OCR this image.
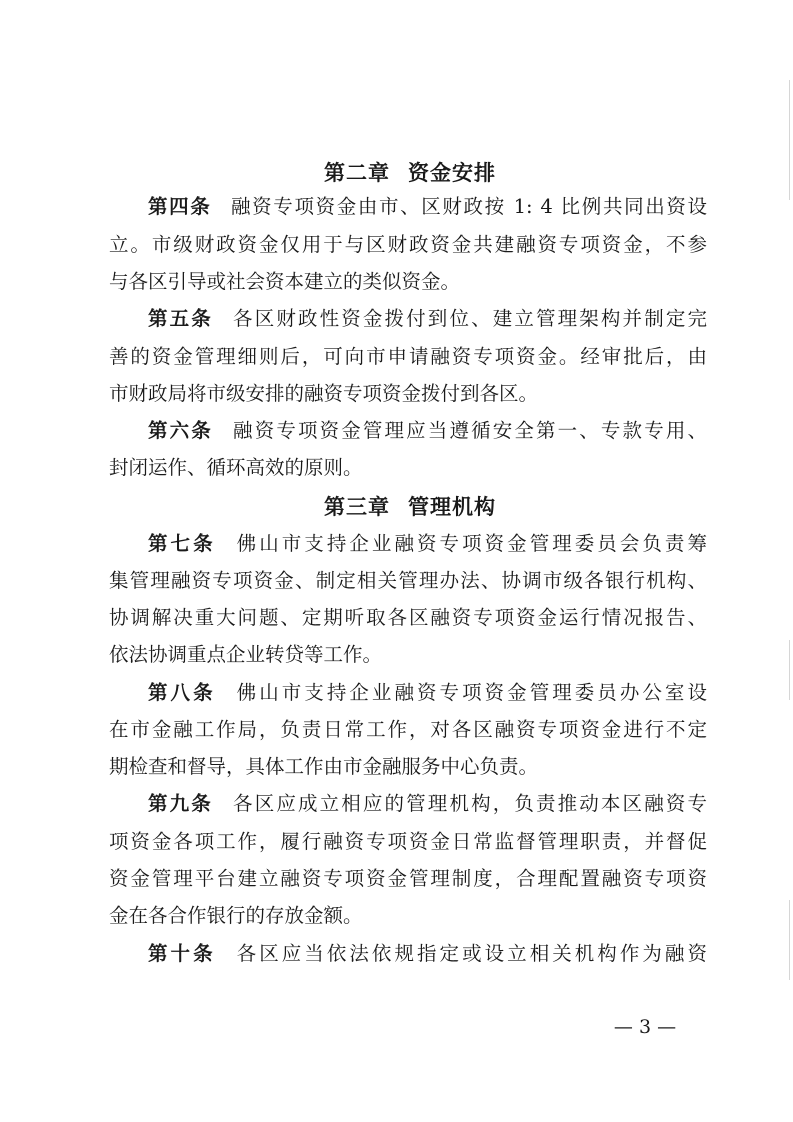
第二章 资金安排
第四条 融资专项资金由市、区财政按 1: 4 比例共同出资设
立。市级财政资金仅用于与区财政资金共建融资专项资金，不参
与各区引导或社会资本建立的类似资金。
第五条 各区财政性资金拨付到位、建立管理架构并制定完
善的资金管理细则后，可向市申请融资专项资金。经审批后，由
市财政局将市级安排的融资专项资金拨付到各区。
第六条 融资专项资金管理应当遵循安全第一、专款专用、
封闭运作、循环高效的原则。
第三章 管理机构
第七条 佛山市支持企业融资专项资金管理委员会负责筹
集管理融资专项资金、制定相关管理办法、协调市级各银行机构、
协调解决重大问题、定期听取各区融资专项资金运行情况报告、
依法协调重点企业转贷等工作。
第八条 佛山市支持企业融资专项资金管理委员办公室设
在市金融工作局，负责日常工作，对各区融资专项资金进行不定
期检查和督导，具体工作由市金融服务中心负责。
第九条 各区应成立相应的管理机构，负责推动本区融资专
项资金各项工作，履行融资专项资金日常监督管理职责，并督促
资金管理平台建立融资专项资金管理制度，合理配置融资专项资
金在各合作银行的存放金额。
第十条 各区应当依法依规指定或设立相关机构作为融资
— 3 —
